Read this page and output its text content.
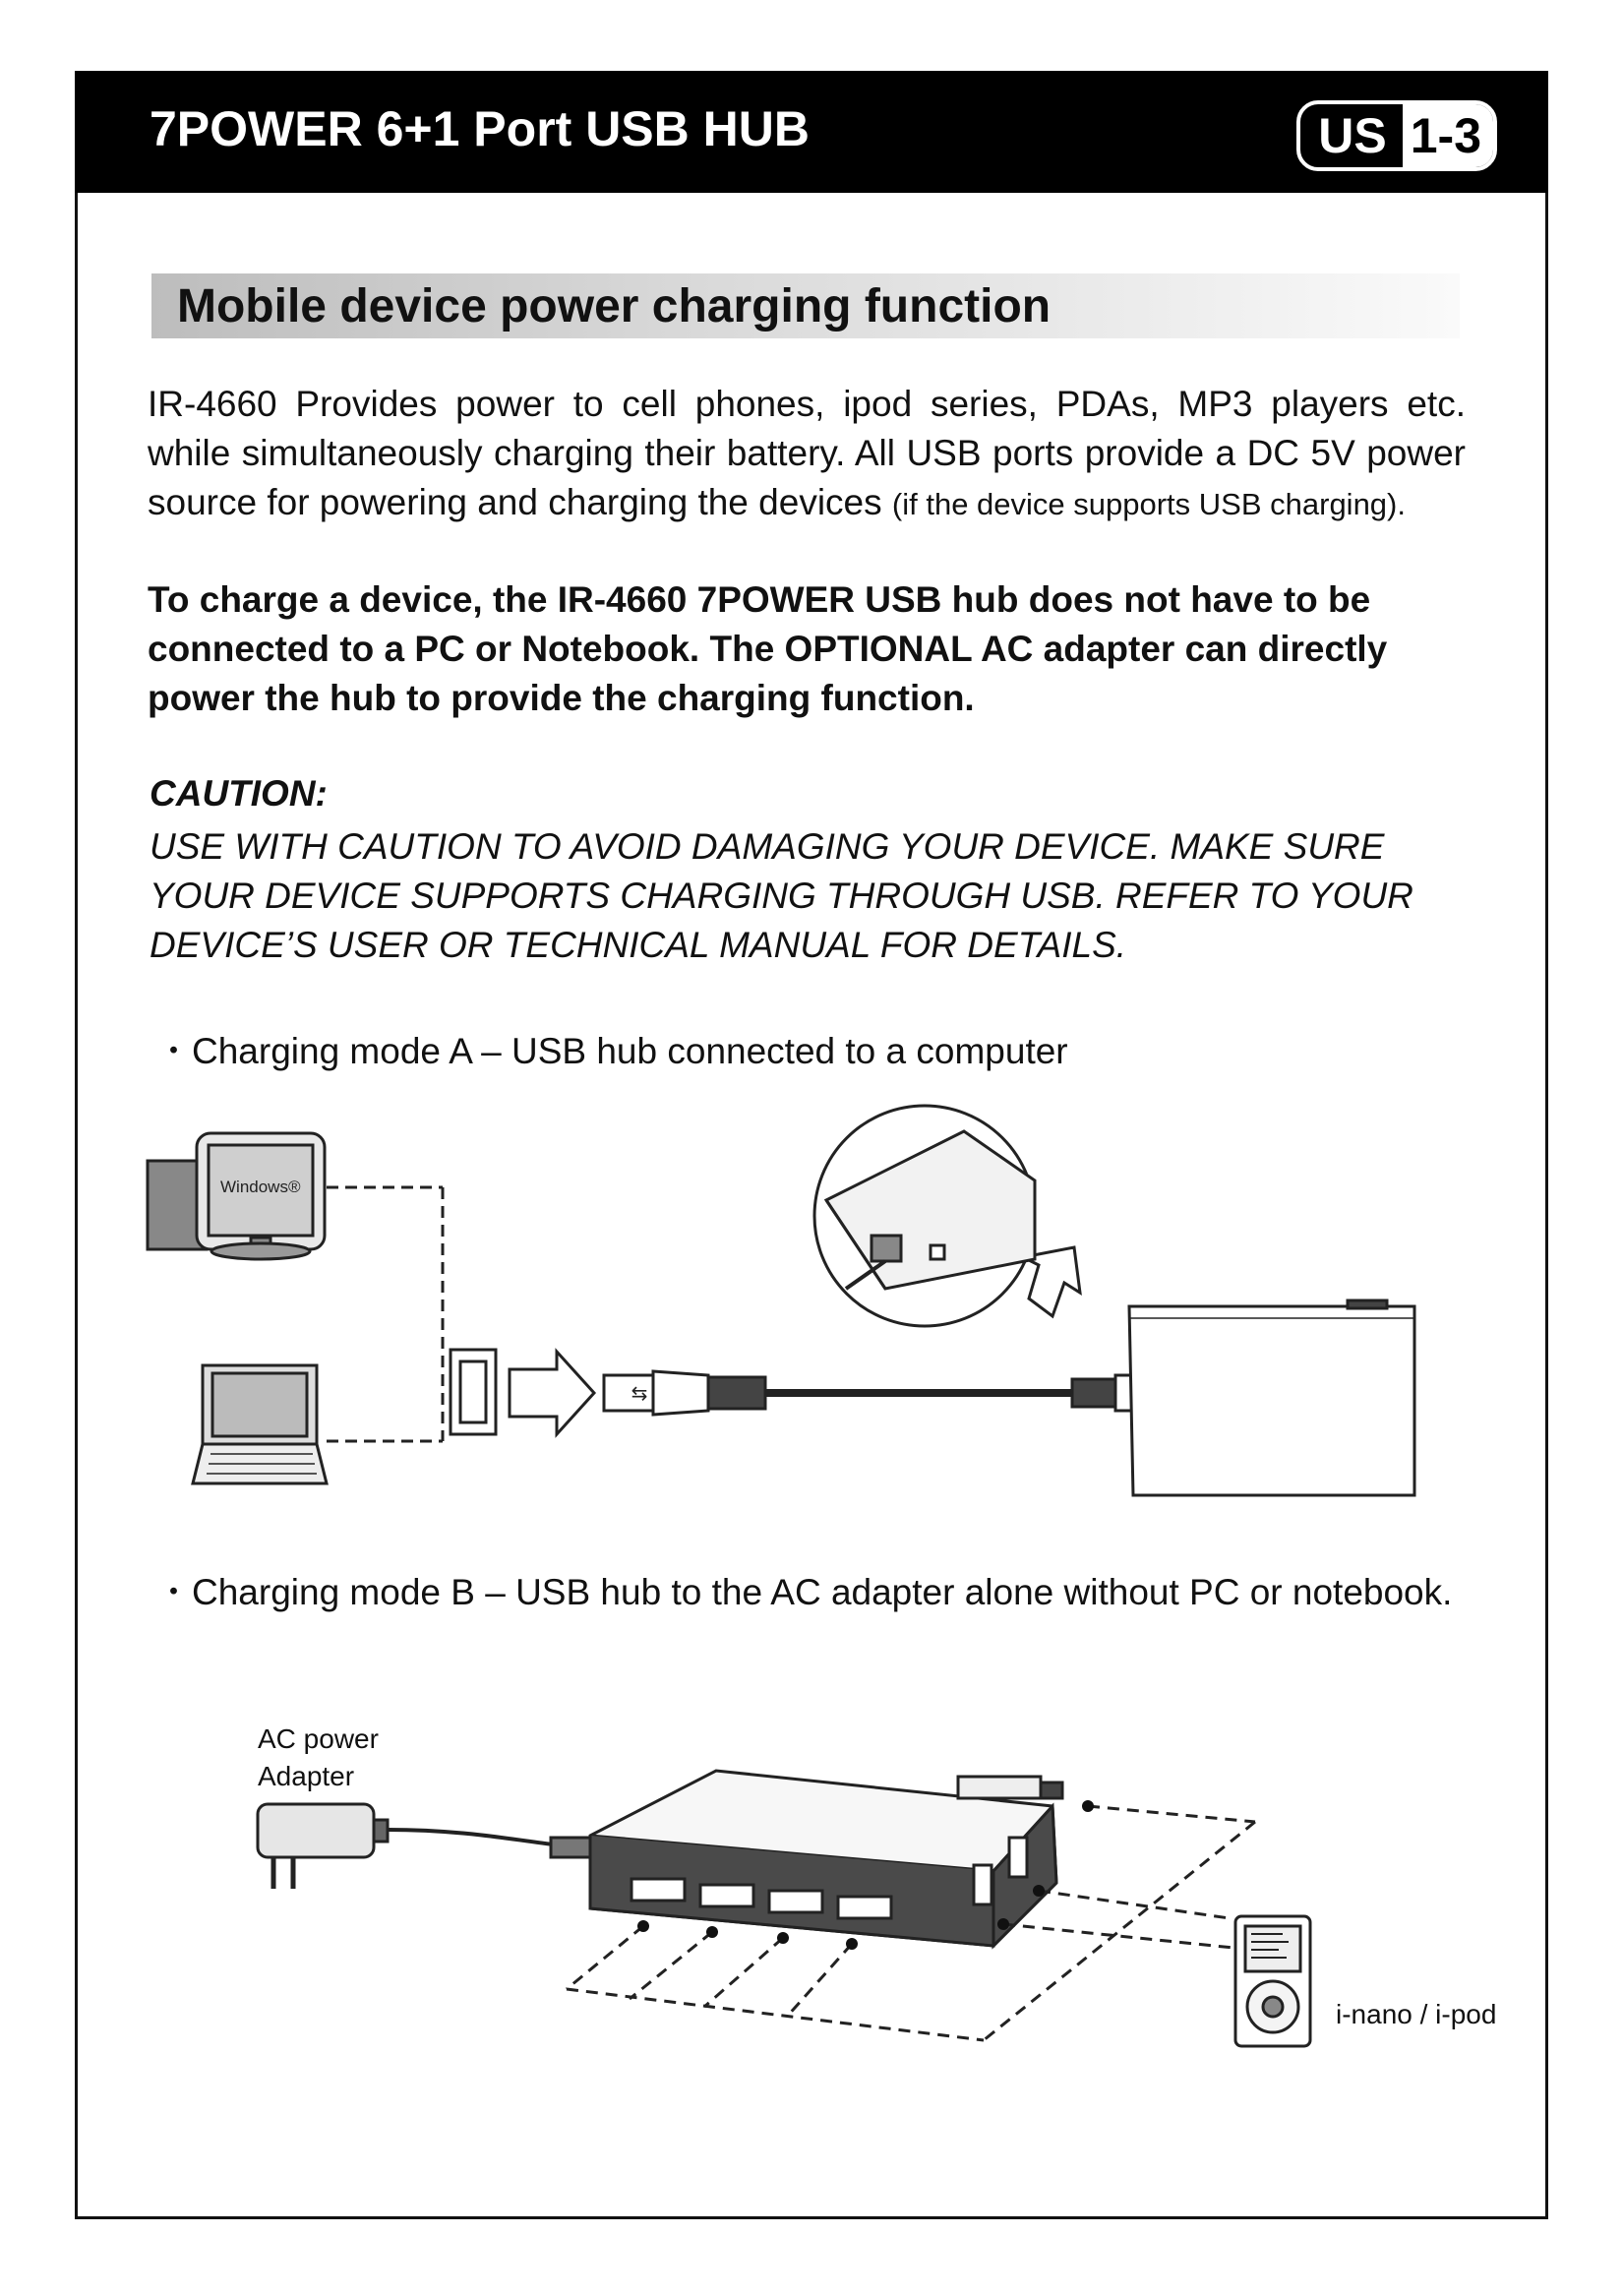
7POWER 6+1 Port USB HUB	US 1-3
Mobile device power charging function
IR-4660 Provides power to cell phones, ipod series, PDAs, MP3 players etc. while simultaneously charging their battery. All USB ports provide a DC 5V power source for powering and charging the devices (if the device supports USB charging).
To charge a device, the IR-4660 7POWER USB hub does not have to be connected to a PC or Notebook. The OPTIONAL AC adapter can directly power the hub to provide the charging function.
CAUTION:
USE WITH CAUTION TO AVOID DAMAGING YOUR DEVICE. MAKE SURE YOUR DEVICE SUPPORTS CHARGING THROUGH USB. REFER TO YOUR DEVICE’S USER OR TECHNICAL MANUAL FOR DETAILS.
・Charging mode A – USB hub connected to a computer
・Charging mode B – USB hub to the AC adapter alone without PC or notebook.
Windows®
⇆
AC power
Adapter
i-nano / i-pod
